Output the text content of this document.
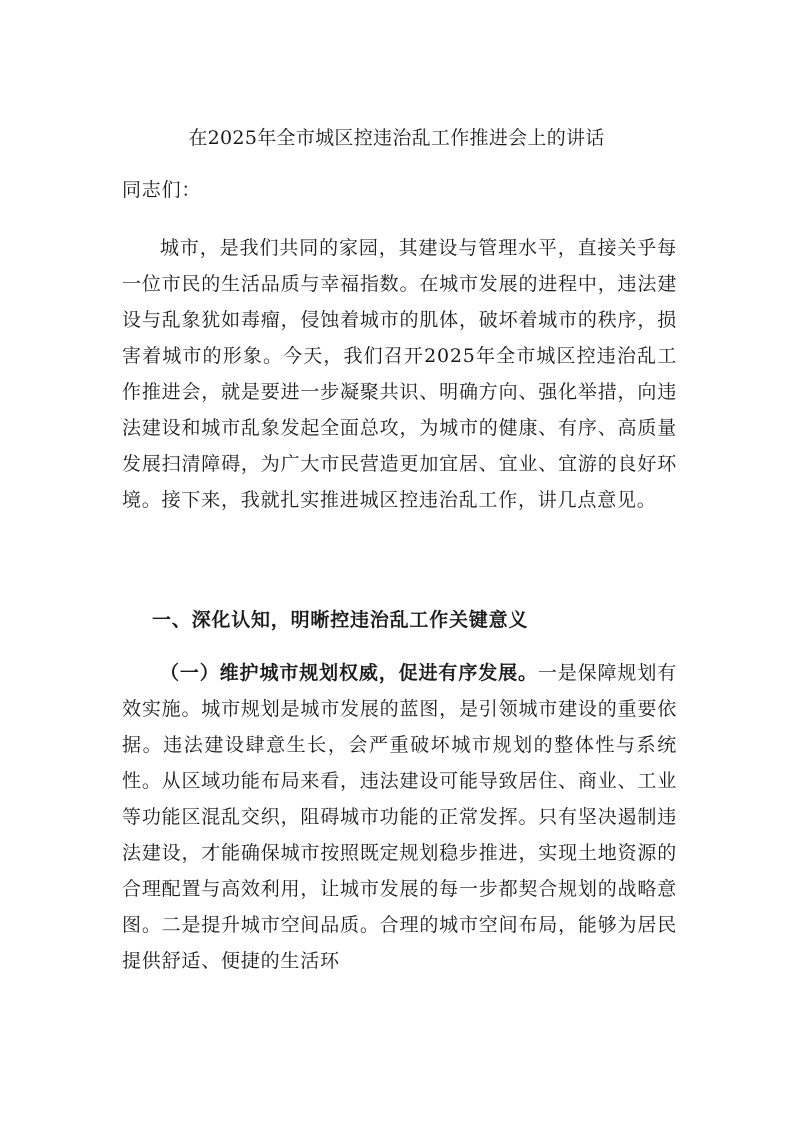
在2025年全市城区控违治乱工作推进会上的讲话

同志们：

城市，是我们共同的家园，其建设与管理水平，直接关乎每一位市民的生活品质与幸福指数。在城市发展的进程中，违法建设与乱象犹如毒瘤，侵蚀着城市的肌体，破坏着城市的秩序，损害着城市的形象。今天，我们召开2025年全市城区控违治乱工作推进会，就是要进一步凝聚共识、明确方向、强化举措，向违法建设和城市乱象发起全面总攻，为城市的健康、有序、高质量发展扫清障碍，为广大市民营造更加宜居、宜业、宜游的良好环境。接下来，我就扎实推进城区控违治乱工作，讲几点意见。

一、深化认知，明晰控违治乱工作关键意义

（一）维护城市规划权威，促进有序发展。一是保障规划有效实施。城市规划是城市发展的蓝图，是引领城市建设的重要依据。违法建设肆意生长，会严重破坏城市规划的整体性与系统性。从区域功能布局来看，违法建设可能导致居住、商业、工业等功能区混乱交织，阻碍城市功能的正常发挥。只有坚决遏制违法建设，才能确保城市按照既定规划稳步推进，实现土地资源的合理配置与高效利用，让城市发展的每一步都契合规划的战略意图。二是提升城市空间品质。合理的城市空间布局，能够为居民提供舒适、便捷的生活环
